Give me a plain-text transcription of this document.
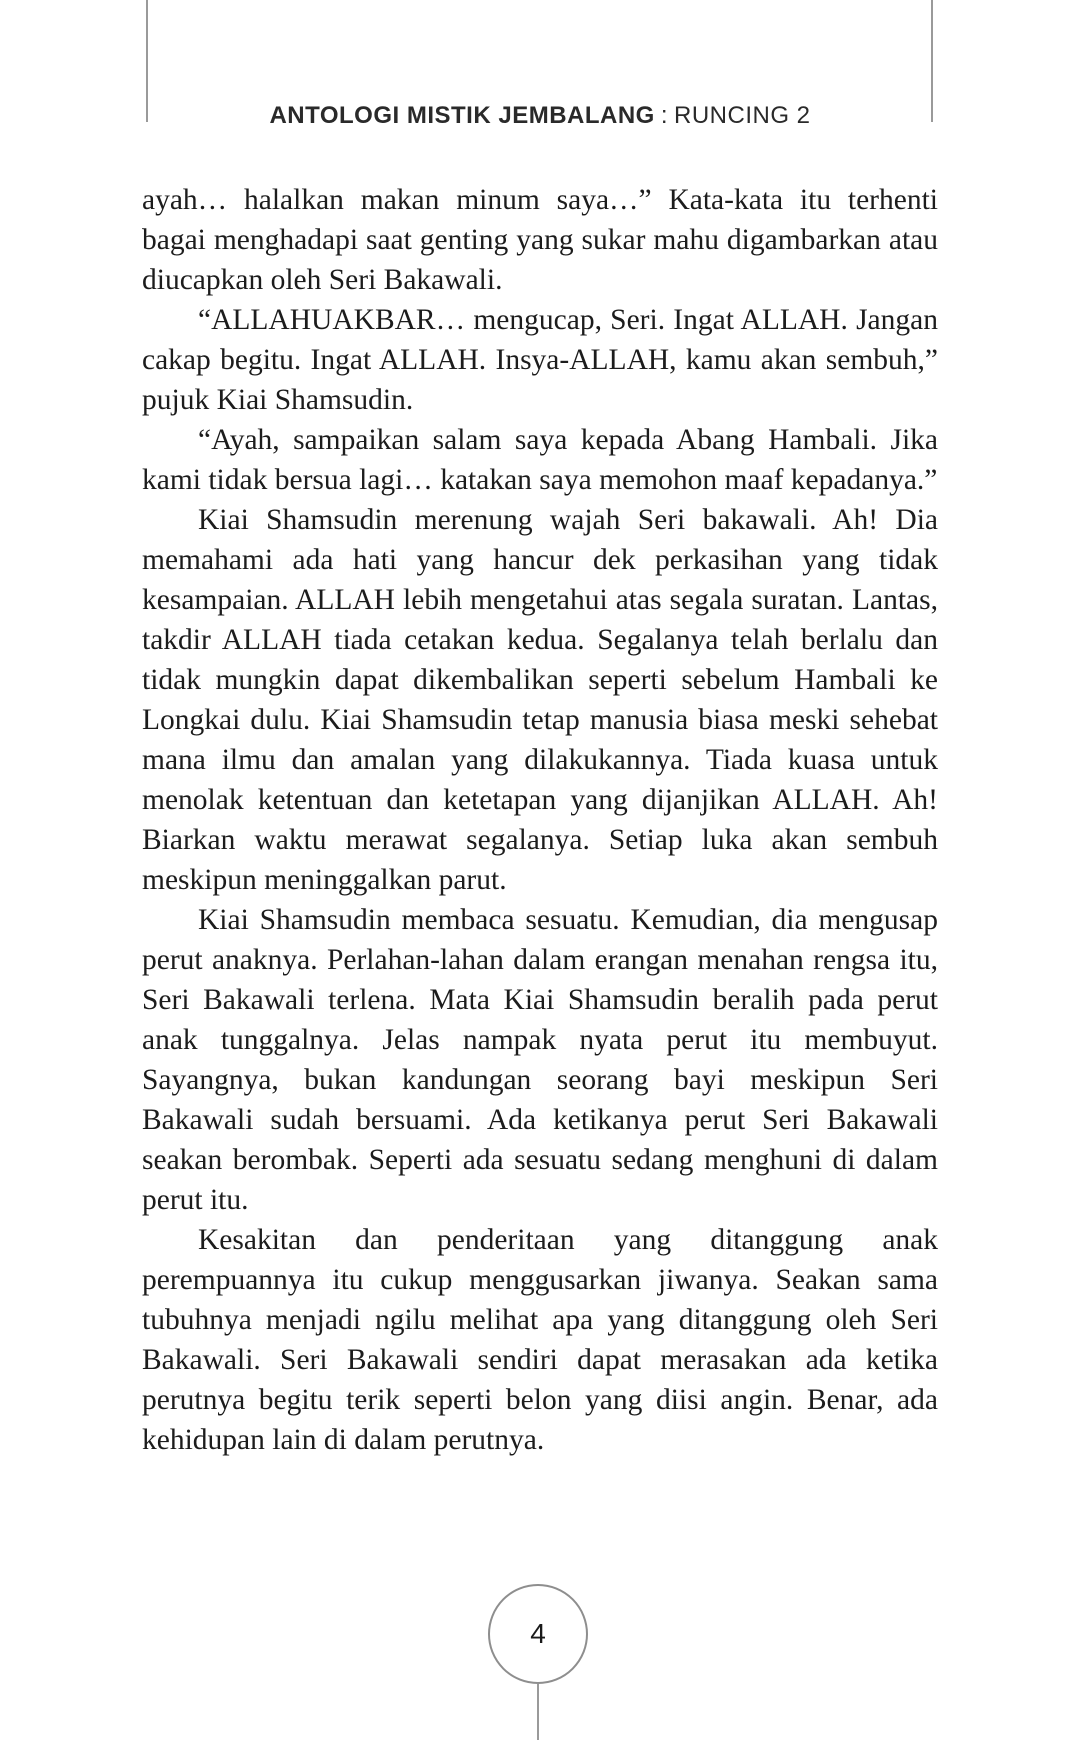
ANTOLOGI MISTIK JEMBALANG : RUNCING 2

ayah… halalkan makan minum saya…” Kata-kata itu terhenti bagai menghadapi saat genting yang sukar mahu digambarkan atau diucapkan oleh Seri Bakawali.

“ALLAHUAKBAR… mengucap, Seri. Ingat ALLAH. Jangan cakap begitu. Ingat ALLAH. Insya-ALLAH, kamu akan sembuh,” pujuk Kiai Shamsudin.

“Ayah, sampaikan salam saya kepada Abang Hambali. Jika kami tidak bersua lagi… katakan saya memohon maaf kepadanya.”

Kiai Shamsudin merenung wajah Seri bakawali. Ah! Dia memahami ada hati yang hancur dek perkasihan yang tidak kesampaian. ALLAH lebih mengetahui atas segala suratan. Lantas, takdir ALLAH tiada cetakan kedua. Segalanya telah berlalu dan tidak mungkin dapat dikembalikan seperti sebelum Hambali ke Longkai dulu. Kiai Shamsudin tetap manusia biasa meski sehebat mana ilmu dan amalan yang dilakukannya. Tiada kuasa untuk menolak ketentuan dan ketetapan yang dijanjikan ALLAH. Ah! Biarkan waktu merawat segalanya. Setiap luka akan sembuh meskipun meninggalkan parut.

Kiai Shamsudin membaca sesuatu. Kemudian, dia mengusap perut anaknya. Perlahan-lahan dalam erangan menahan rengsa itu, Seri Bakawali terlena. Mata Kiai Shamsudin beralih pada perut anak tunggalnya. Jelas nampak nyata perut itu membuyut. Sayangnya, bukan kandungan seorang bayi meskipun Seri Bakawali sudah bersuami. Ada ketikanya perut Seri Bakawali seakan berombak. Seperti ada sesuatu sedang menghuni di dalam perut itu.

Kesakitan dan penderitaan yang ditanggung anak perempuannya itu cukup menggusarkan jiwanya. Seakan sama tubuhnya menjadi ngilu melihat apa yang ditanggung oleh Seri Bakawali. Seri Bakawali sendiri dapat merasakan ada ketika perutnya begitu terik seperti belon yang diisi angin. Benar, ada kehidupan lain di dalam perutnya.

4
